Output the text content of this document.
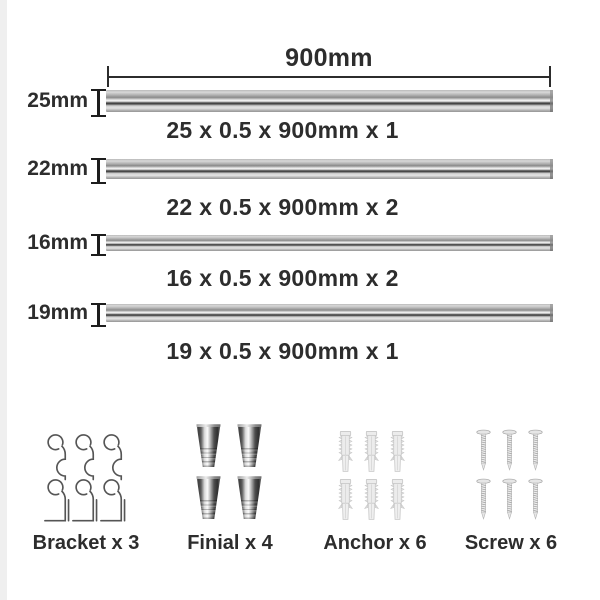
900mm
25mm
25 x 0.5 x 900mm x 1
22mm
22 x 0.5 x 900mm x 2
16mm
16 x 0.5 x 900mm x 2
19mm
19 x 0.5 x 900mm x 1
Bracket x 3	Finial x 4	Anchor x 6	Screw x 6
